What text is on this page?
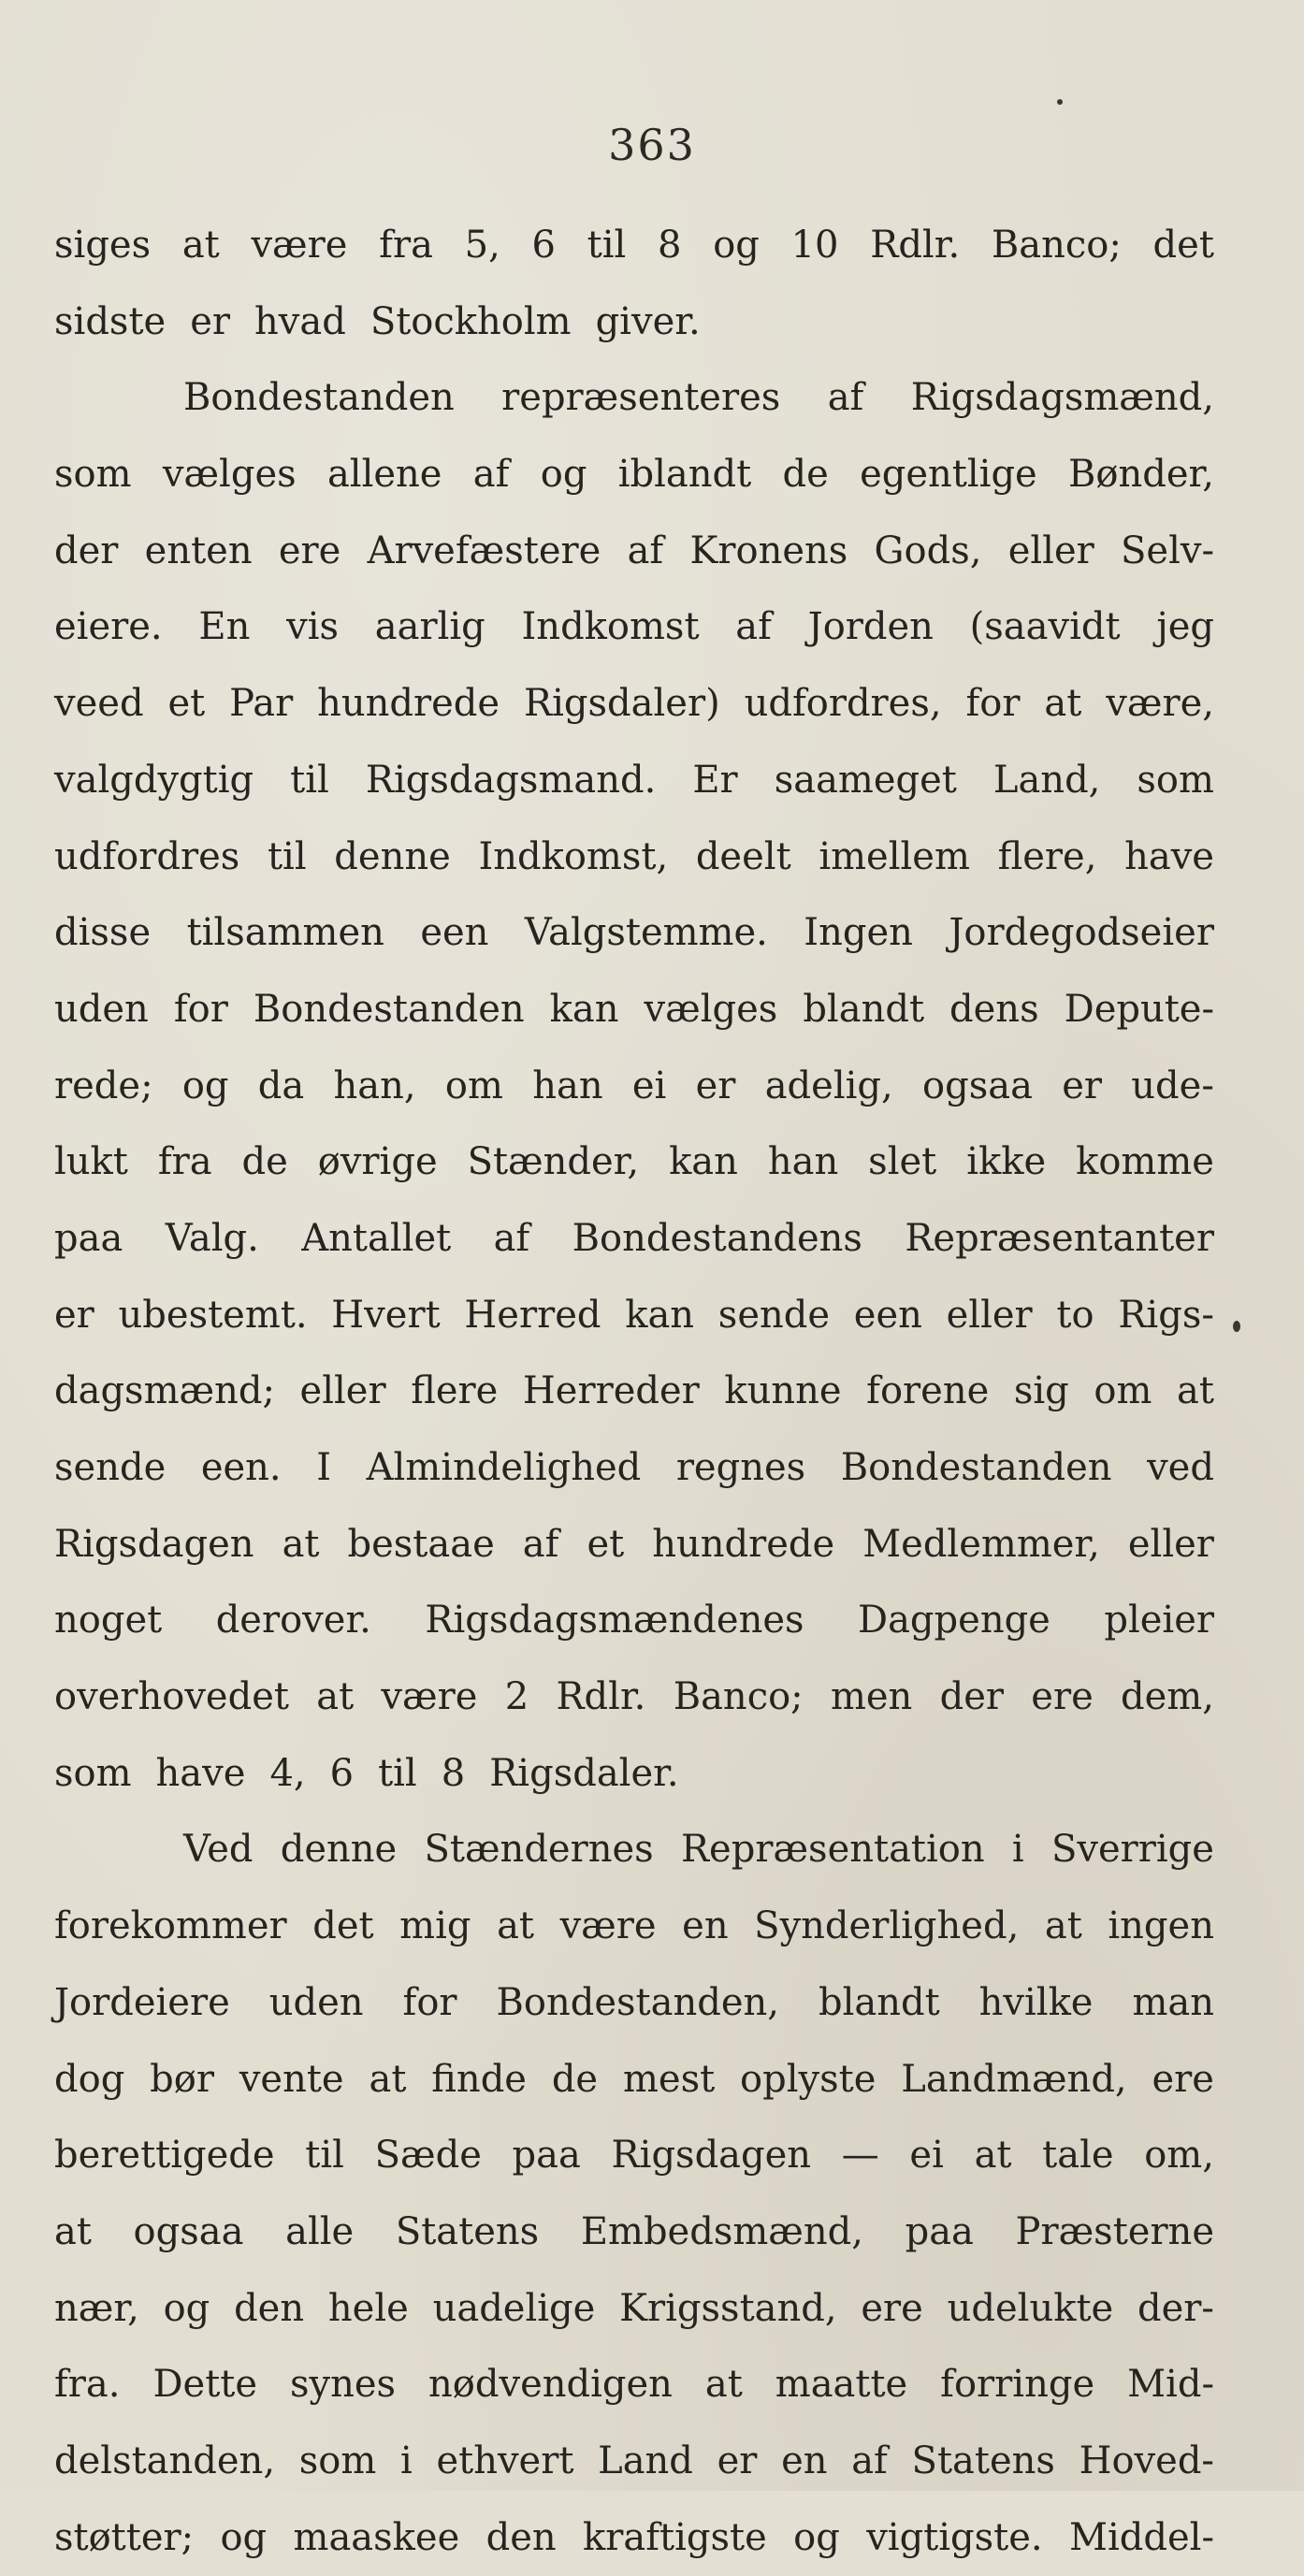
363
siges at være fra 5, 6 til 8 og 10 Rdlr. Banco; det
sidste er hvad Stockholm giver.
Bondestanden repræsenteres af Rigsdagsmænd,
som vælges allene af og iblandt de egentlige Bønder,
der enten ere Arvefæstere af Kronens Gods, eller Selv-
eiere. En vis aarlig Indkomst af Jorden (saavidt jeg
veed et Par hundrede Rigsdaler) udfordres, for at være,
valgdygtig til Rigsdagsmand. Er saameget Land, som
udfordres til denne Indkomst, deelt imellem flere, have
disse tilsammen een Valgstemme. Ingen Jordegodseier
uden for Bondestanden kan vælges blandt dens Depute-
rede; og da han, om han ei er adelig, ogsaa er ude-
lukt fra de øvrige Stænder, kan han slet ikke komme
paa Valg. Antallet af Bondestandens Repræsentanter
er ubestemt. Hvert Herred kan sende een eller to Rigs-
dagsmænd; eller flere Herreder kunne forene sig om at
sende een. I Almindelighed regnes Bondestanden ved
Rigsdagen at bestaae af et hundrede Medlemmer, eller
noget derover. Rigsdagsmændenes Dagpenge pleier
overhovedet at være 2 Rdlr. Banco; men der ere dem,
som have 4, 6 til 8 Rigsdaler.
Ved denne Stændernes Repræsentation i Sverrige
forekommer det mig at være en Synderlighed, at ingen
Jordeiere uden for Bondestanden, blandt hvilke man
dog bør vente at finde de mest oplyste Landmænd, ere
berettigede til Sæde paa Rigsdagen — ei at tale om,
at ogsaa alle Statens Embedsmænd, paa Præsterne
nær, og den hele uadelige Krigsstand, ere udelukte der-
fra. Dette synes nødvendigen at maatte forringe Mid-
delstanden, som i ethvert Land er en af Statens Hoved-
støtter; og maaskee den kraftigste og vigtigste. Middel-
